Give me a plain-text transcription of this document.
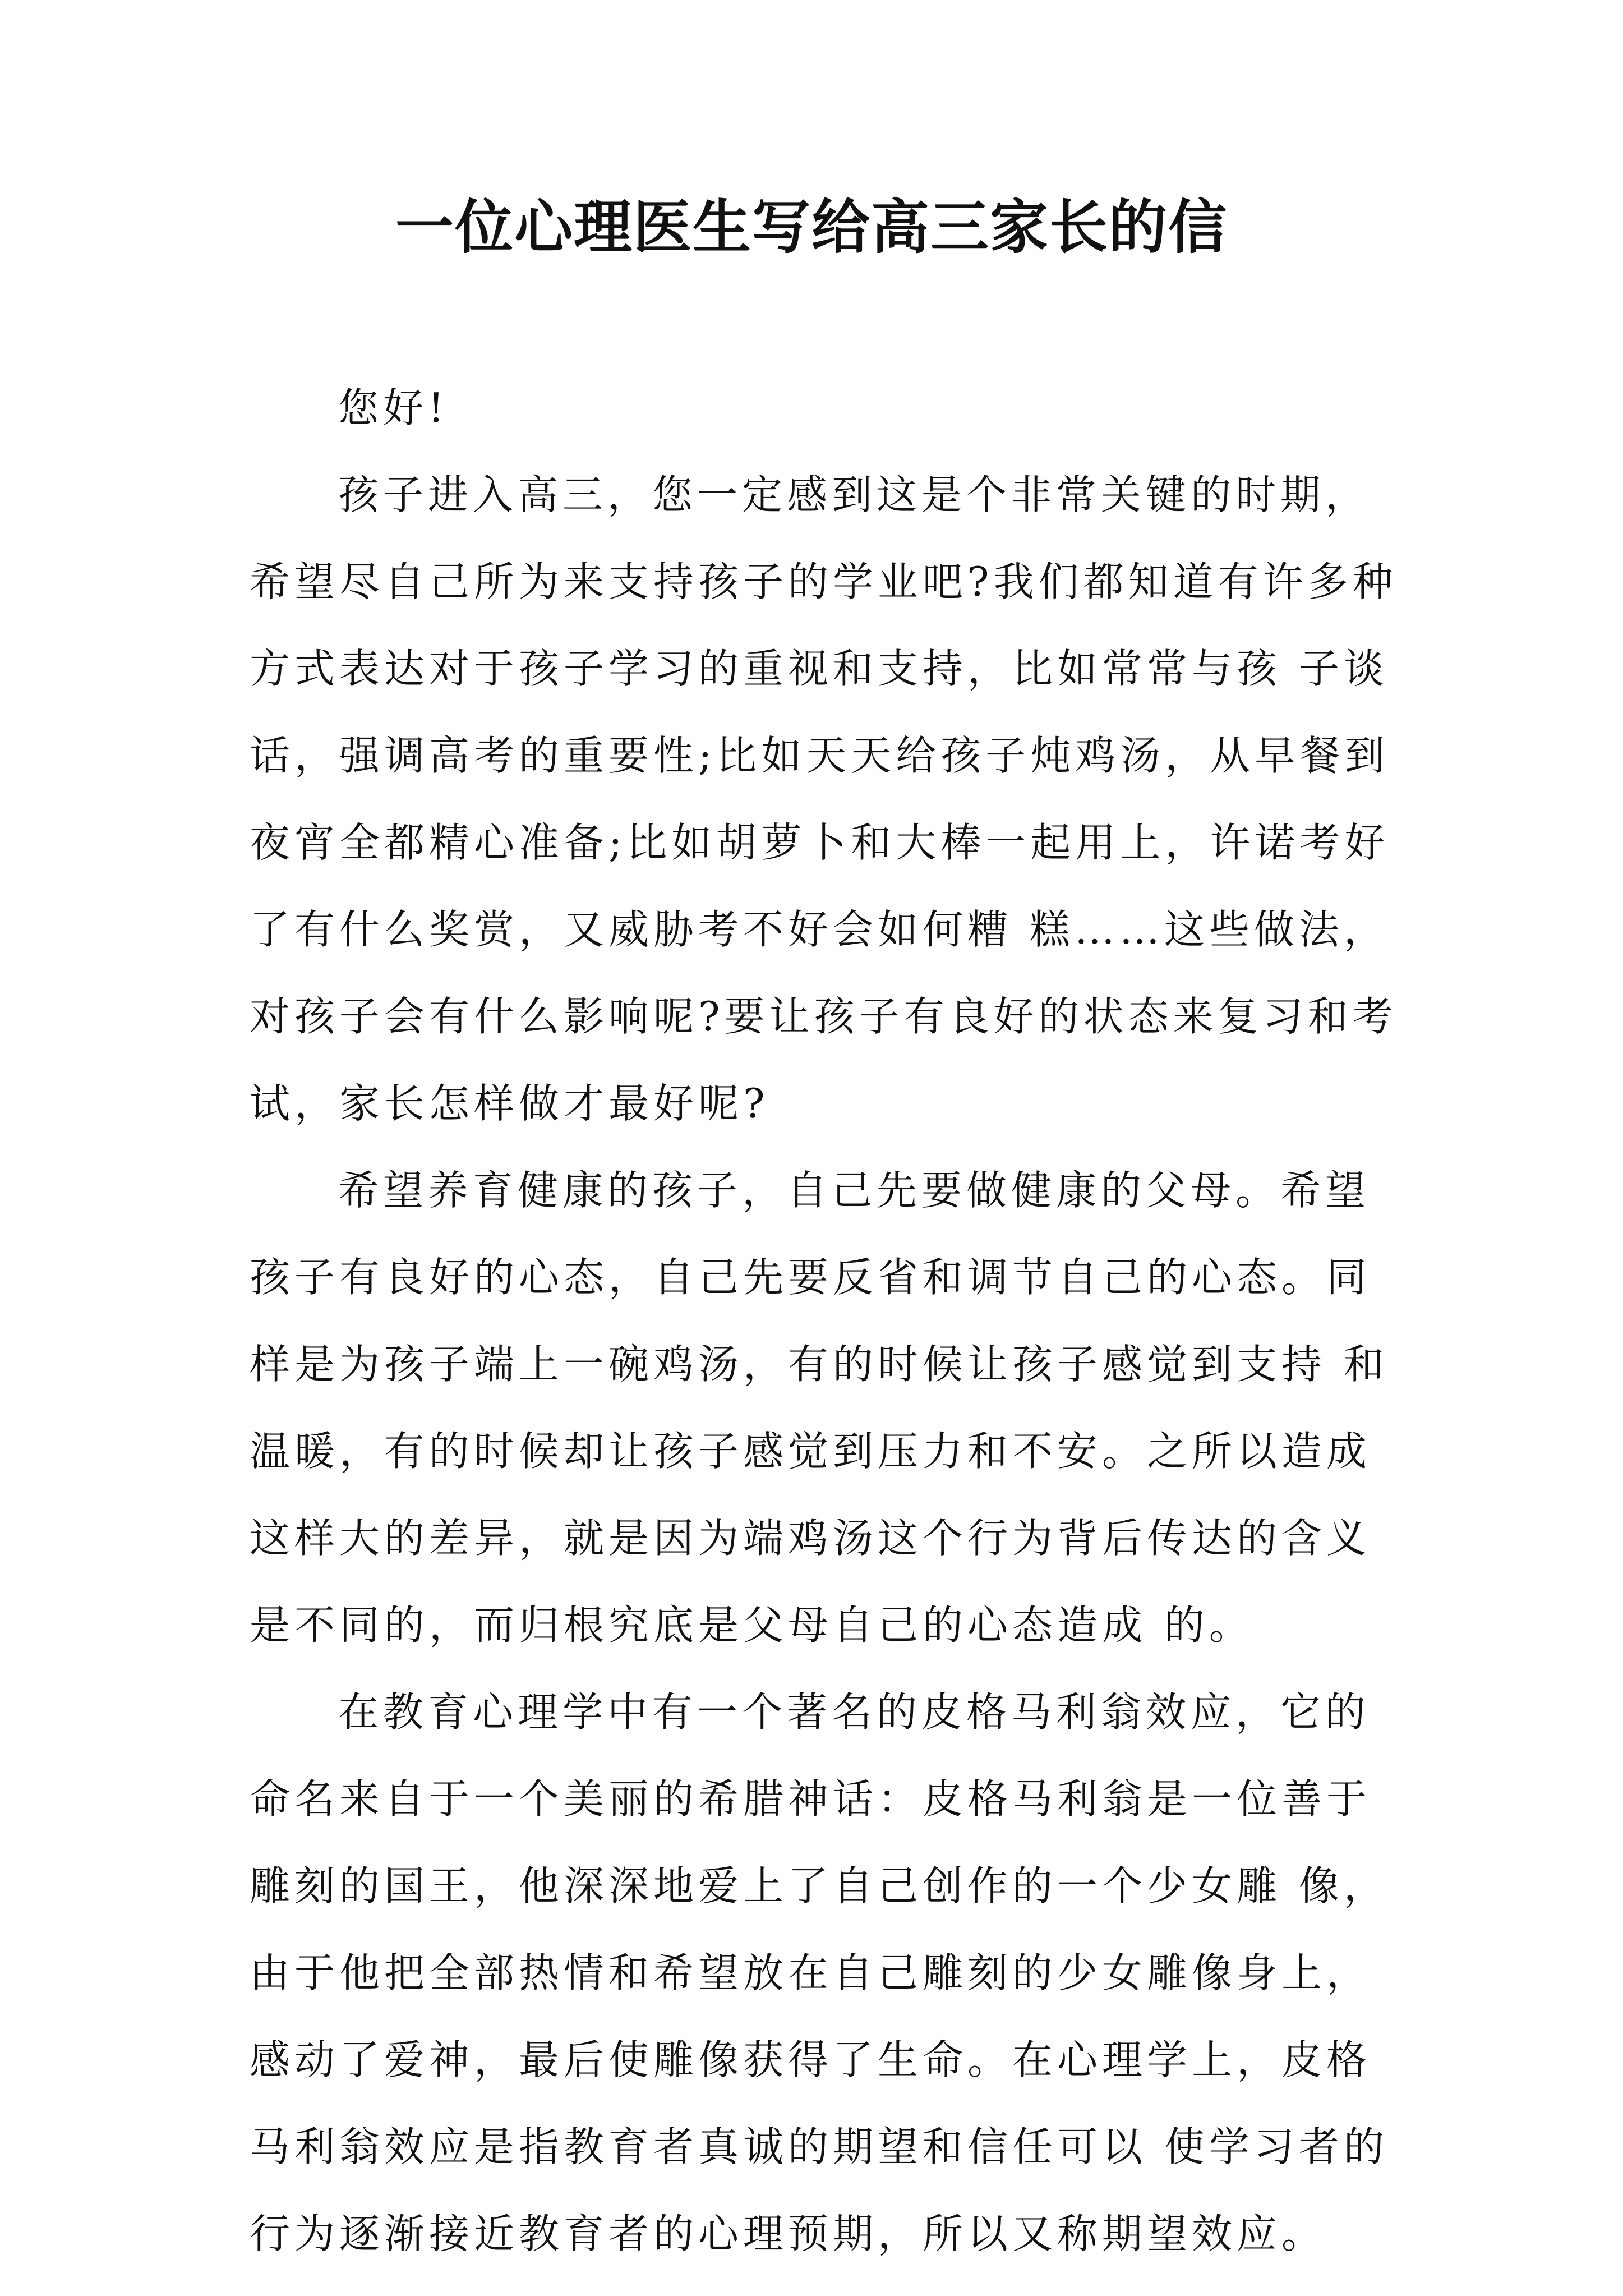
一位心理医生写给高三家长的信

您好!

孩子进入高三，您一定感到这是个非常关键的时期，希望尽自己所为来支持孩子的学业吧?我们都知道有许多种方式表达对于孩子学习的重视和支持，比如常常与孩 子谈话，强调高考的重要性;比如天天给孩子炖鸡汤，从早餐到夜宵全都精心准备;比如胡萝卜和大棒一起用上，许诺考好了有什么奖赏，又威胁考不好会如何糟 糕……这些做法，对孩子会有什么影响呢?要让孩子有良好的状态来复习和考试，家长怎样做才最好呢?

希望养育健康的孩子，自己先要做健康的父母。希望孩子有良好的心态，自己先要反省和调节自己的心态。同样是为孩子端上一碗鸡汤，有的时候让孩子感觉到支持 和温暖，有的时候却让孩子感觉到压力和不安。之所以造成这样大的差异，就是因为端鸡汤这个行为背后传达的含义是不同的，而归根究底是父母自己的心态造成 的。

在教育心理学中有一个著名的皮格马利翁效应，它的命名来自于一个美丽的希腊神话：皮格马利翁是一位善于雕刻的国王，他深深地爱上了自己创作的一个少女雕 像，由于他把全部热情和希望放在自己雕刻的少女雕像身上，感动了爱神，最后使雕像获得了生命。在心理学上，皮格马利翁效应是指教育者真诚的期望和信任可以 使学习者的行为逐渐接近教育者的心理预期，所以又称期望效应。
